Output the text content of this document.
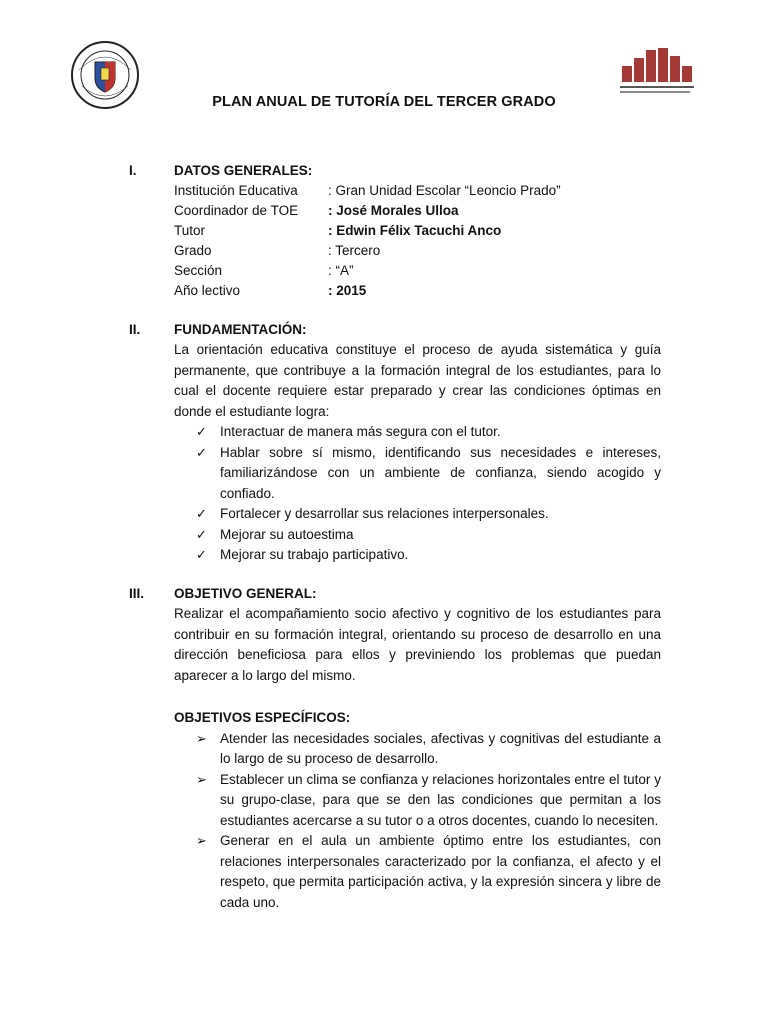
PLAN ANUAL DE TUTORÍA DEL TERCER GRADO
I.	DATOS GENERALES:
Institución Educativa	: Gran Unidad Escolar “Leoncio Prado”
Coordinador de TOE	: José Morales Ulloa
Tutor	: Edwin Félix Tacuchi Anco
Grado	: Tercero
Sección	: “A”
Año lectivo	: 2015
II. FUNDAMENTACIÓN:
La orientación educativa constituye el proceso de ayuda sistemática y guía permanente, que contribuye a la formación integral de los estudiantes, para lo cual el docente requiere estar preparado y crear las condiciones óptimas en donde el estudiante logra:
✓ Interactuar de manera más segura con el tutor.
✓ Hablar sobre sí mismo, identificando sus necesidades e intereses, familiarizándose con un ambiente de confianza, siendo acogido y confiado.
✓ Fortalecer y desarrollar sus relaciones interpersonales.
✓ Mejorar su autoestima
✓ Mejorar su trabajo participativo.
III. OBJETIVO GENERAL:
Realizar el acompañamiento socio afectivo y cognitivo de los estudiantes para contribuir en su formación integral, orientando su proceso de desarrollo en una dirección beneficiosa para ellos y previniendo los problemas que puedan aparecer a lo largo del mismo.
OBJETIVOS ESPECÍFICOS:
➢ Atender las necesidades sociales, afectivas y cognitivas del estudiante a lo largo de su proceso de desarrollo.
➢ Establecer un clima se confianza y relaciones horizontales entre el tutor y su grupo-clase, para que se den las condiciones que permitan a los estudiantes acercarse a su tutor o a otros docentes, cuando lo necesiten.
➢ Generar en el aula un ambiente óptimo entre los estudiantes, con relaciones interpersonales caracterizado por la confianza, el afecto y el respeto, que permita participación activa, y la expresión sincera y libre de cada uno.
